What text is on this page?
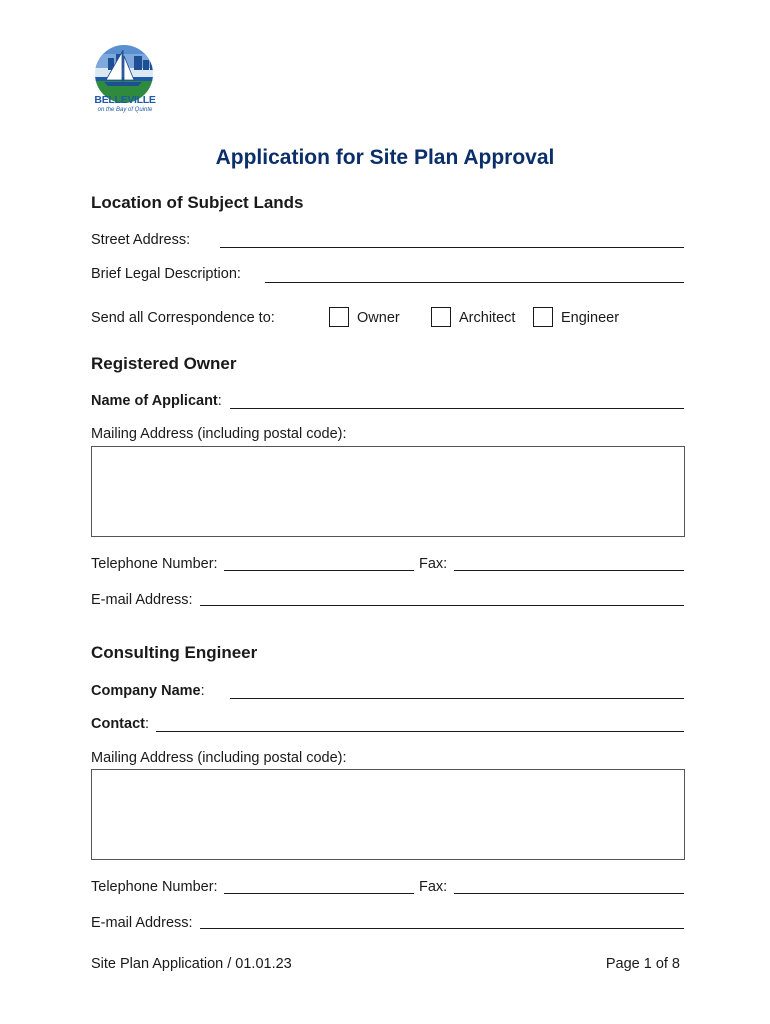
BELLEVILLE
on the Bay of Quinte
Application for Site Plan Approval
Location of Subject Lands
Street Address:
Brief Legal Description:
Send all Correspondence to:	Owner	Architect	Engineer
Registered Owner
Name of Applicant:
Mailing Address (including postal code):
Telephone Number:	Fax:
E-mail Address:
Consulting Engineer
Company Name:
Contact:
Mailing Address (including postal code):
Telephone Number:	Fax:
E-mail Address:
Site Plan Application / 01.01.23	Page 1 of 8
